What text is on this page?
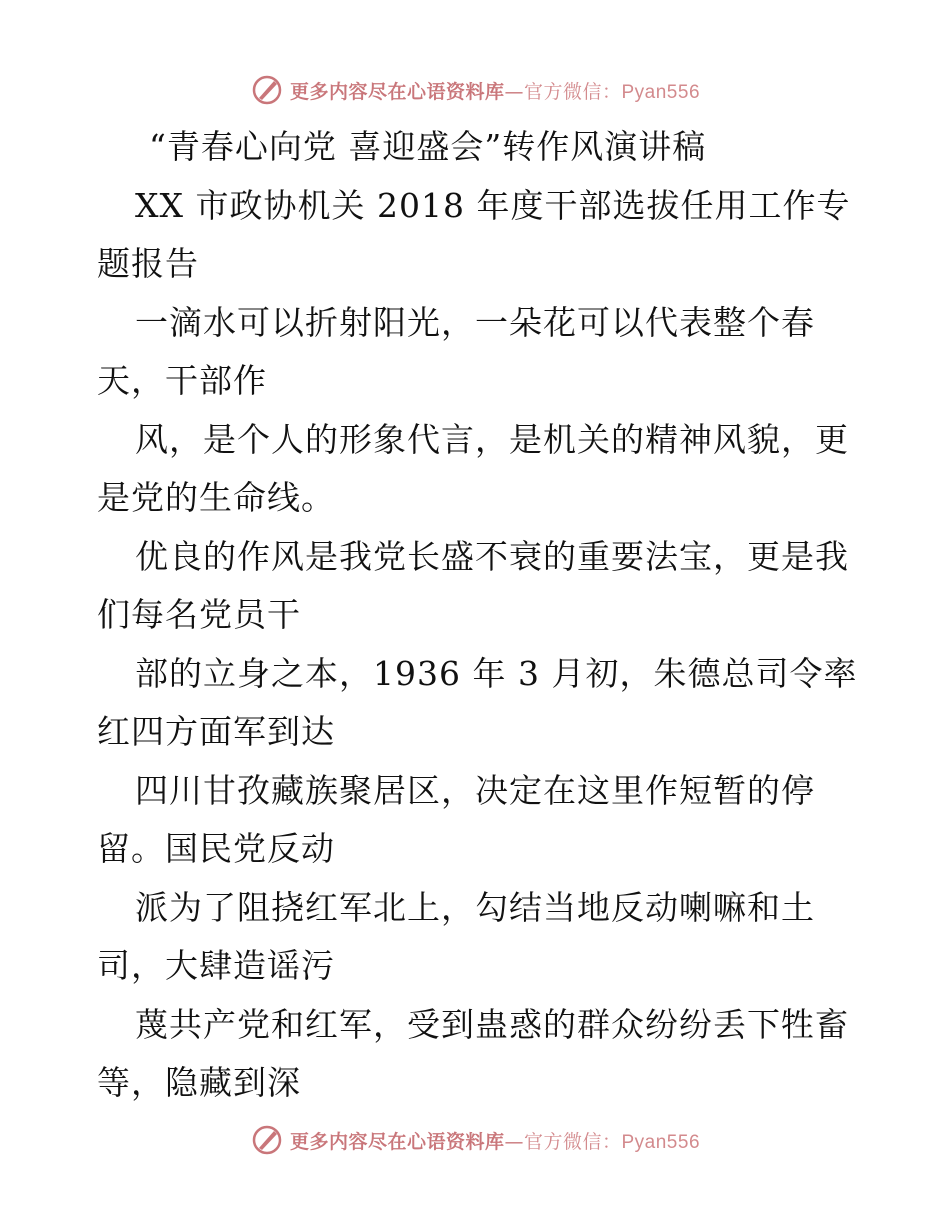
更多内容尽在心语资料库—官方微信：Pyan556
“青春心向党 喜迎盛会”转作风演讲稿
XX 市政协机关 2018 年度干部选拔任用工作专
题报告
一滴水可以折射阳光，一朵花可以代表整个春
天，干部作
风，是个人的形象代言，是机关的精神风貌，更
是党的生命线。
优良的作风是我党长盛不衰的重要法宝，更是我
们每名党员干
部的立身之本，1936 年 3 月初，朱德总司令率
红四方面军到达
四川甘孜藏族聚居区，决定在这里作短暂的停
留。国民党反动
派为了阻挠红军北上，勾结当地反动喇嘛和土
司，大肆造谣污
蔑共产党和红军，受到蛊惑的群众纷纷丢下牲畜
等，隐藏到深
更多内容尽在心语资料库—官方微信：Pyan556
